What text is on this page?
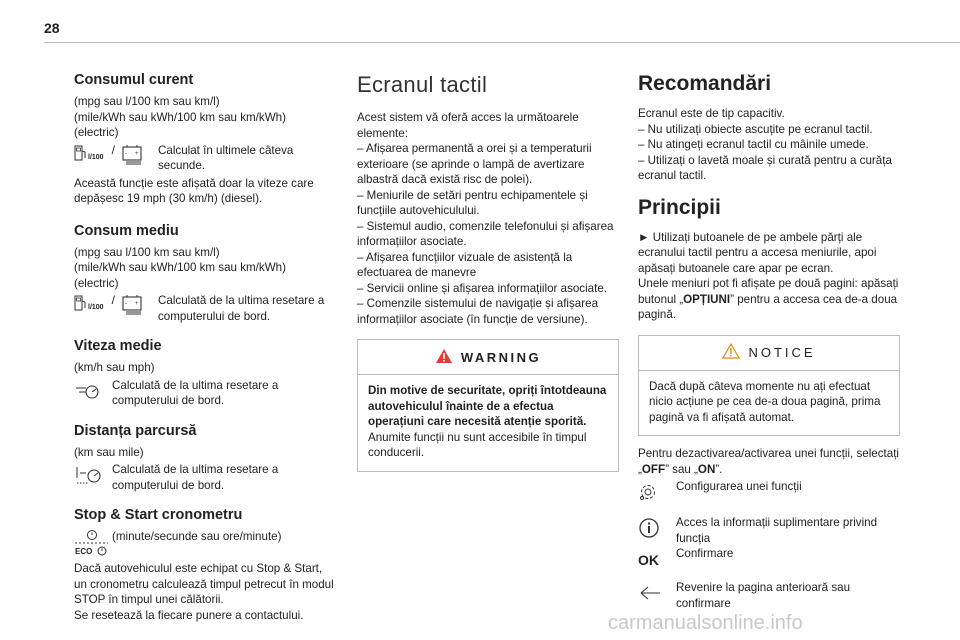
28
Consumul curent

(mpg sau l/100 km sau km/l)

(mile/kWh sau kWh/100 km sau km/kWh)

(electric)

l/100
/ - + Calculat în ultimele câteva secunde.

Această funcție este afișată doar la viteze care depășesc 19 mph (30 km/h) (diesel).

Consum mediu

(mpg sau l/100 km sau km/l)

(mile/kWh sau kWh/100 km sau km/kWh)

(electric)

l/100
/ - + Calculată de la ultima resetare a computerului de bord.

Viteza medie

(km/h sau mph)

Calculată de la ultima resetare a computerului de bord.

Distanța parcursă

(km sau mile)

Calculată de la ultima resetare a computerului de bord.

Stop & Start cronometru
ECO

(minute/secunde sau ore/minute)

Dacă autovehiculul este echipat cu Stop & Start, un cronometru calculează timpul petrecut în modul STOP în timpul unei călătorii.

Se resetează la fiecare punere a contactului.

Ecranul tactil

Acest sistem vă oferă acces la următoarele elemente:

– Afișarea permanentă a orei și a temperaturii exterioare (se aprinde o lampă de avertizare albastră dacă există risc de polei).

– Meniurile de setări pentru echipamentele și funcțiile autovehiculului.

– Sistemul audio, comenzile telefonului și afișarea informațiilor asociate.

– Afișarea funcțiilor vizuale de asistență la efectuarea de manevre

– Servicii online și afișarea informațiilor asociate.

– Comenzile sistemului de navigație și afișarea informațiilor asociate (în funcție de versiune).

WARNING

Din motive de securitate, opriți întotdeauna autovehiculul înainte de a efectua operațiuni care necesită atenție sporită.

Anumite funcții nu sunt accesibile în timpul conducerii.

Recomandări

Ecranul este de tip capacitiv.

– Nu utilizați obiecte ascuțite pe ecranul tactil.

– Nu atingeți ecranul tactil cu mâinile umede.

– Utilizați o lavetă moale și curată pentru a curăța ecranul tactil.

Principii

► Utilizați butoanele de pe ambele părți ale ecranului tactil pentru a accesa meniurile, apoi apăsați butoanele care apar pe ecran.

Unele meniuri pot fi afișate pe două pagini: apăsați butonul „OPȚIUNI” pentru a accesa cea de-a doua pagină.

NOTICE

Dacă după câteva momente nu ați efectuat nicio acțiune pe cea de-a doua pagină, prima pagină va fi afișată automat.

Pentru dezactivarea/activarea unei funcții, selectați „OFF” sau „ON”.

Configurarea unei funcții

Acces la informații suplimentare privind funcția

OK Confirmare

Revenire la pagina anterioară sau confirmare

carmanualsonline.info
